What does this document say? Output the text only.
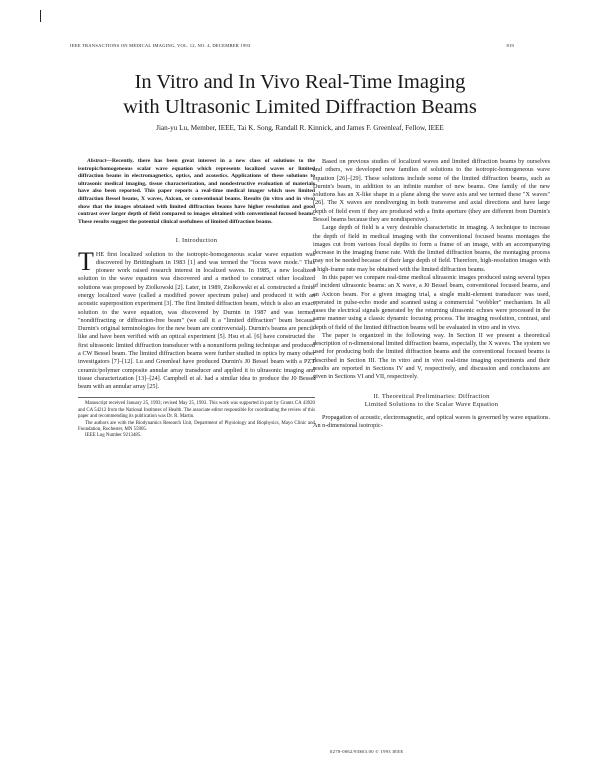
IEEE TRANSACTIONS ON MEDICAL IMAGING, VOL. 12, NO. 4, DECEMBER 1993	819
In Vitro and In Vivo Real-Time Imaging
with Ultrasonic Limited Diffraction Beams
Jian-yu Lu, Member, IEEE, Tai K. Song, Randall R. Kinnick, and James F. Greenleaf, Fellow, IEEE

Abstract—Recently, there has been great interest in a new class of solutions to the isotropic/homogeneous scalar wave equation which represents localized waves or limited diffraction beams in electromagnetics, optics, and acoustics. Applications of these solutions to ultrasonic medical imaging, tissue characterization, and nondestructive evaluation of materials have also been reported. This paper reports a real-time medical imager which uses limited diffraction Bessel beams, X waves, Axicon, or conventional beams. Results (in vitro and in vivo) show that the images obtained with limited diffraction beams have higher resolution and good contrast over larger depth of field compared to images obtained with conventional focused beams. These results suggest the potential clinical usefulness of limited diffraction beams.

I. Introduction

THE first localized solution to the isotropic-homogeneous scalar wave equation was discovered by Brittingham in 1983 [1] and was termed the "focus wave mode." This pioneer work raised research interest in localized waves. In 1985, a new localized solution to the wave equation was discovered and a method to construct other localized solutions was proposed by Ziolkowski [2]. Later, in 1989, Ziolkowski et al. constructed a finite energy localized wave (called a modified power spectrum pulse) and produced it with an acoustic superposition experiment [3]. The first limited diffraction beam, which is also an exact solution to the wave equation, was discovered by Durnin in 1987 and was termed "nondiffracting or diffraction-free beam" (we call it a "limited diffraction" beam because Durnin's original terminologies for the new beam are controversial). Durnin's beams are pencil-like and have been verified with an optical experiment [5]. Hsu et al. [6] have constructed the first ultrasonic limited diffraction transducer with a nonuniform poling technique and produced a CW Bessel beam. The limited diffraction beams were further studied in optics by many other investigators [7]–[12]. Lu and Greenleaf have produced Durnin's J0 Bessel beam with a PZT ceramic/polymer composite annular array transducer and applied it to ultrasonic imaging and tissue characterization [13]–[24]. Campbell et al. had a similar idea to produce the J0 Bessel beam with an annular array [25].

Manuscript received January 25, 1993; revised May 25, 1993. This work was supported in part by Grants CA 43920 and CA 54212 from the National Institutes of Health. The associate editor responsible for coordinating the review of this paper and recommending its publication was Dr. R. Martin.

The authors are with the Biodynamics Research Unit, Department of Physiology and Biophysics, Mayo Clinic and Foundation, Rochester, MN 55905.

IEEE Log Number 9213485.

Based on previous studies of localized waves and limited diffraction beams by ourselves and others, we developed new families of solutions to the isotropic-homogeneous wave equation [26]–[29]. These solutions include some of the limited diffraction beams, such as Durnin's beam, in addition to an infinite number of new beams. One family of the new solutions has an X-like shape in a plane along the wave axis and we termed these "X waves" [26]. The X waves are nondiverging in both transverse and axial directions and have large depth of field even if they are produced with a finite aperture (they are different from Durnin's Bessel beams because they are nondispersive).

Large depth of field is a very desirable characteristic in imaging. A technique to increase the depth of field in medical imaging with the conventional focused beams montages the images cut from various focal depths to form a frame of an image, with an accompanying decrease in the imaging frame rate. With the limited diffraction beams, the montaging process may not be needed because of their large depth of field. Therefore, high-resolution images with a high-frame rate may be obtained with the limited diffraction beams.

In this paper we compare real-time medical ultrasonic images produced using several types of incident ultrasonic beams: an X wave, a J0 Bessel beam, conventional focused beams, and an Axicon beam. For a given imaging trial, a single multi-element transducer was used, operated in pulse-echo mode and scanned using a commercial "wobbler" mechanism. In all cases the electrical signals generated by the returning ultrasonic echoes were processed in the same manner using a classic dynamic focusing process. The imaging resolution, contrast, and depth of field of the limited diffraction beams will be evaluated in vitro and in vivo.

The paper is organized in the following way. In Section II we present a theoretical description of n-dimensional limited diffraction beams, especially, the X waves. The system we used for producing both the limited diffraction beams and the conventional focused beams is described in Section III. The in vitro and in vivo real-time imaging experiments and their results are reported in Sections IV and V, respectively, and discussion and conclusions are given in Sections VI and VII, respectively.

II. Theoretical Preliminaries: Diffraction
Limited Solutions to the Scalar Wave Equation

Propagation of acoustic, electromagnetic, and optical waves is governed by wave equations. An n-dimensional isotropic-

0278-0062/93$03.00 © 1993 IEEE
